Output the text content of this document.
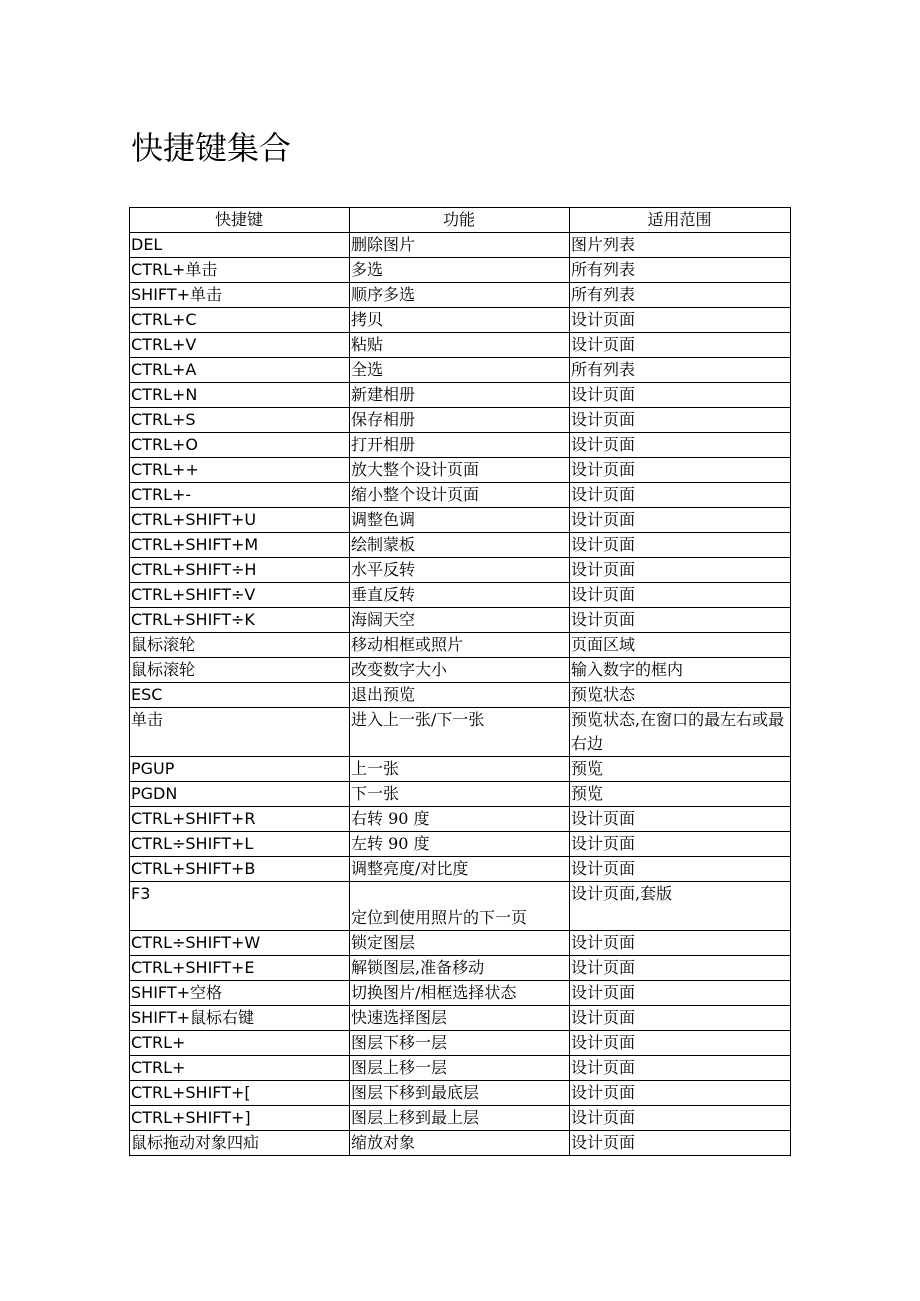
快捷键集合
快捷键	功能	适用范围
DEL	删除图片	图片列表
CTRL+单击	多选	所有列表
SHIFT+单击	顺序多选	所有列表
CTRL+C	拷贝	设计页面
CTRL+V	粘贴	设计页面
CTRL+A	全选	所有列表
CTRL+N	新建相册	设计页面
CTRL+S	保存相册	设计页面
CTRL+O	打开相册	设计页面
CTRL++	放大整个设计页面	设计页面
CTRL+-	缩小整个设计页面	设计页面
CTRL+SHIFT+U	调整色调	设计页面
CTRL+SHIFT+M	绘制蒙板	设计页面
CTRL+SHIFT÷H	水平反转	设计页面
CTRL+SHIFT÷V	垂直反转	设计页面
CTRL+SHIFT÷K	海阔天空	设计页面
鼠标滚轮	移动相框或照片	页面区域
鼠标滚轮	改变数字大小	输入数字的框内
ESC	退出预览	预览状态
单击	进入上一张/下一张	预览状态,在窗口的最左右或最右边
PGUP	上一张	预览
PGDN	下一张	预览
CTRL+SHIFT+R	右转 90 度	设计页面
CTRL÷SHIFT+L	左转 90 度	设计页面
CTRL+SHIFT+B	调整亮度/对比度	设计页面
F3	定位到使用照片的下一页	设计页面,套版
CTRL÷SHIFT+W	锁定图层	设计页面
CTRL+SHIFT+E	解锁图层,准备移动	设计页面
SHIFT+空格	切换图片/相框选择状态	设计页面
SHIFT+鼠标右键	快速选择图层	设计页面
CTRL+	图层下移一层	设计页面
CTRL+	图层上移一层	设计页面
CTRL+SHIFT+[	图层下移到最底层	设计页面
CTRL+SHIFT+]	图层上移到最上层	设计页面
鼠标拖动对象四疝	缩放对象	设计页面
